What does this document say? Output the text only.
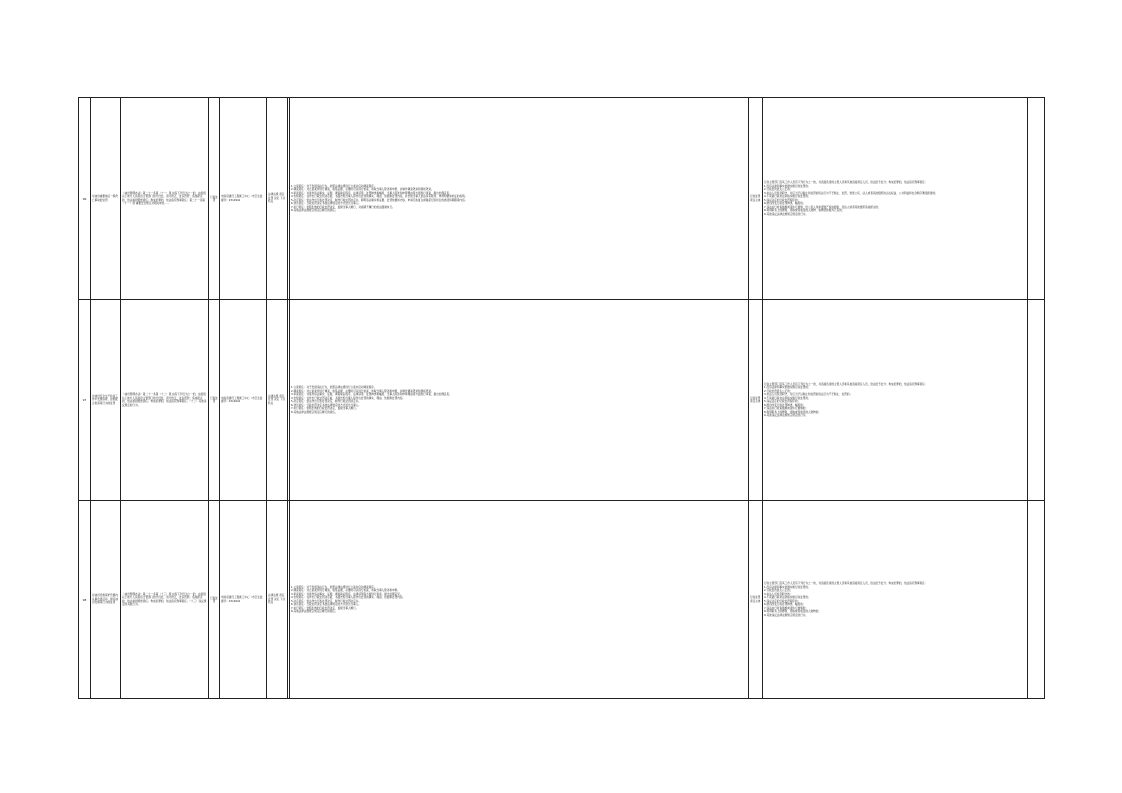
96	对油田重要地区一般伤亡事故的处罚
《油田管理办法》第二十一条第（十一）项 由有下列行为之一的，由县级以上地方人民政府主管部门按分设处，责令改正，处以罚款；造成损失的，依法承担赔偿责任；构成犯罪的，依法追究刑事责任；第二十一条第（十一）项 重要安全规定对相关单位……
行政处罚
市政府建设工程施工中心（市卫生监督所）2312941
法律法规 责任处罚 决定 下达 机关
1.立案责任：对于发现违法行为，依照法律法规进行立案并启动调查程序。
2.调查责任：对立案案件进行调查，收集证据，必要时可以进行检查，听取当事人陈述和申辩，并制作调查笔录和现场笔录。
3.审查责任：对案件违法事实、证据、调查取证程序、法律适用、处罚种类和幅度、当事人陈述和申辩理由等方面进行审查，提出处理意见。
4.告知责任：在作出行政处罚决定前，书面告知当事人拟作出处罚的事实、理由、依据和处罚内容，并告知当事人依法享有陈述、申辩和要求听证的权利。
5.决定责任：依法作出行政处罚决定，制作行政处罚决定书，载明违法事实和证据、处罚依据和内容、申请行政复议或提起行政诉讼的途径和期限等内容。
6.送达责任：行政处罚决定书按法律规定的方式送达当事人。
7.执行责任：依照生效的行政处罚决定，监督当事人履行，对逾期不履行的依法强制执行。
8.其他法律法规规章规定应履行的责任。
行政处罚 责任主体
行政主管部门及其工作人员有下列行为之一的，对直接负责的主管人员和其他直接责任人员，依法给予处分；构成犯罪的，依法追究刑事责任：
1.没有法律和事实依据实施行政处罚的；
2.行政处罚显失公正的；
3.执法人员玩忽职守，对应当予以制止和处罚的违法行为不予制止、处罚，致使公民、法人或者其他组织的合法权益、公共利益和社会秩序遭受损害的；
4.不具备行政执法资格实施行政处罚的；
5.违反法定的行政处罚程序的；
6.擅自改变行政处罚种类、幅度的；
7.违法实行检查措施或者执行措施，给公民人身或者财产造成损害、给法人或者其他组织造成损失的；
8.利用职务上的便利，索取或者收受他人财物、收缴罚款据为己有的；
9.其他违反法律法规规章规定的行为。
97
对油田安全生产检查工作中发现违规、拒绝配合检查等行为的处罚
《油田管理办法》第二十一条第（十二）项 由有下列行为之一的，由县级以上地方人民政府主管部门按分设处，责令改正，处以罚款；造成损失的，依法承担赔偿责任；构成犯罪的，依法追究刑事责任；（十二）其他违反规定的行为。
行政处罚
市政府建设工程施工中心（市卫生监督所）2312941
法律法规 责任处罚 决定 下达 机关
1.立案责任：对于发现违法行为，依照法律法规进行立案并启动调查程序。
2.调查责任：对立案案件进行调查，收集证据，必要时可以进行检查，听取当事人陈述和申辩，并制作调查笔录和现场笔录。
3.审查责任：对案件违法事实、证据、调查取证程序、法律适用、处罚种类和幅度、当事人陈述和申辩理由等方面进行审查，提出处理意见。
4.告知责任：在作出行政处罚决定前，书面告知当事人拟作出处罚的事实、理由、依据和处罚内容。
5.决定责任：依法作出行政处罚决定，制作行政处罚决定书。
6.送达责任：行政处罚决定书按法律规定的方式送达当事人。
7.执行责任：依照生效的行政处罚决定，监督当事人履行。
8.其他法律法规规章规定应履行的责任。
行政处罚 责任主体
行政主管部门及其工作人员有下列行为之一的，对直接负责的主管人员和其他直接责任人员，依法给予处分；构成犯罪的，依法追究刑事责任：
1.没有法律和事实依据实施行政处罚的；
2.行政处罚显失公正的；
3.执法人员玩忽职守，对应当予以制止和处罚的违法行为不予制止、处罚的；
4.不具备行政执法资格实施行政处罚的；
5.违反法定的行政处罚程序的；
6.擅自改变行政处罚种类、幅度的；
7.违法实行检查措施或者执行措施的；
8.利用职务上的便利，索取或者收受他人财物的；
9.其他违反法律法规规章规定的行为。
98
对油田设施保护范围内从事危害活动、损坏油田设施等行为的处罚
《油田管理办法》第二十一条第（十三）项 由有下列行为之一的，由县级以上地方人民政府主管部门按分设处，责令改正，处以罚款；造成损失的，依法承担赔偿责任；构成犯罪的，依法追究刑事责任；（十三）违反规定的其他行为。
行政处罚
市政府建设工程施工中心（市卫生监督所）2312941
法律法规 责任处罚 决定 下达 机关
1.立案责任：对于发现违法行为，依照法律法规进行立案并启动调查程序。
2.调查责任：对立案案件进行调查，收集证据，必要时可以进行检查，听取当事人陈述和申辩。
3.审查责任：对案件违法事实、证据、调查取证程序、法律适用等方面进行审查，提出处理意见。
4.告知责任：在作出行政处罚决定前，书面告知当事人拟作出处罚的事实、理由、依据和处罚内容。
5.决定责任：依法作出行政处罚决定，制作行政处罚决定书。
6.送达责任：行政处罚决定书按法律规定的方式送达当事人。
7.执行责任：依照生效的行政处罚决定，监督当事人履行。
8.其他法律法规规章规定应履行的责任。
行政处罚 责任主体
行政主管部门及其工作人员有下列行为之一的，对直接负责的主管人员和其他直接责任人员，依法给予处分；构成犯罪的，依法追究刑事责任：
1.没有法律和事实依据实施行政处罚的；
2.行政处罚显失公正的；
3.执法人员玩忽职守的；
4.不具备行政执法资格实施行政处罚的；
5.违反法定的行政处罚程序的；
6.擅自改变行政处罚种类、幅度的；
7.违法实行检查措施或者执行措施的；
8.利用职务上的便利，索取或者收受他人财物的；
9.其他违反法律法规规章规定的行为。
